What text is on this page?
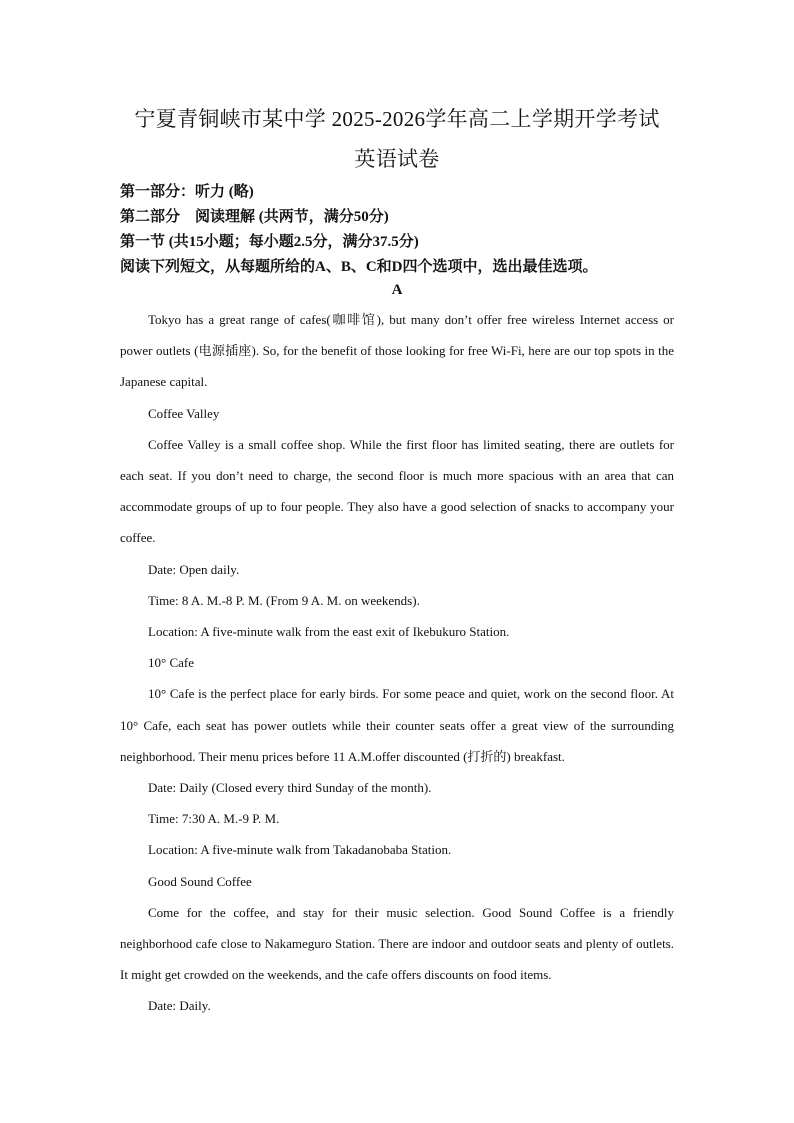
宁夏青铜峡市某中学 2025-2026学年高二上学期开学考试
英语试卷
第一部分：听力 (略)
第二部分　阅读理解 (共两节，满分50分)
第一节 (共15小题；每小题2.5分，满分37.5分)
阅读下列短文，从每题所给的A、B、C和D四个选项中，选出最佳选项。
A

Tokyo has a great range of cafes(咖啡馆), but many don’t offer free wireless Internet access or power outlets (电源插座). So, for the benefit of those looking for free Wi-Fi, here are our top spots in the Japanese capital.

Coffee Valley

Coffee Valley is a small coffee shop. While the first floor has limited seating, there are outlets for each seat. If you don’t need to charge, the second floor is much more spacious with an area that can accommodate groups of up to four people. They also have a good selection of snacks to accompany your coffee.

Date: Open daily.

Time: 8 A. M.-8 P. M. (From 9 A. M. on weekends).

Location: A five-minute walk from the east exit of Ikebukuro Station.

10° Cafe

10° Cafe is the perfect place for early birds. For some peace and quiet, work on the second floor. At 10° Cafe, each seat has power outlets while their counter seats offer a great view of the surrounding neighborhood. Their menu prices before 11 A.M.offer discounted (打折的) breakfast.

Date: Daily (Closed every third Sunday of the month).

Time: 7:30 A. M.-9 P. M.

Location: A five-minute walk from Takadanobaba Station.

Good Sound Coffee

Come for the coffee, and stay for their music selection. Good Sound Coffee is a friendly neighborhood cafe close to Nakameguro Station. There are indoor and outdoor seats and plenty of outlets. It might get crowded on the weekends, and the cafe offers discounts on food items.

Date: Daily.
